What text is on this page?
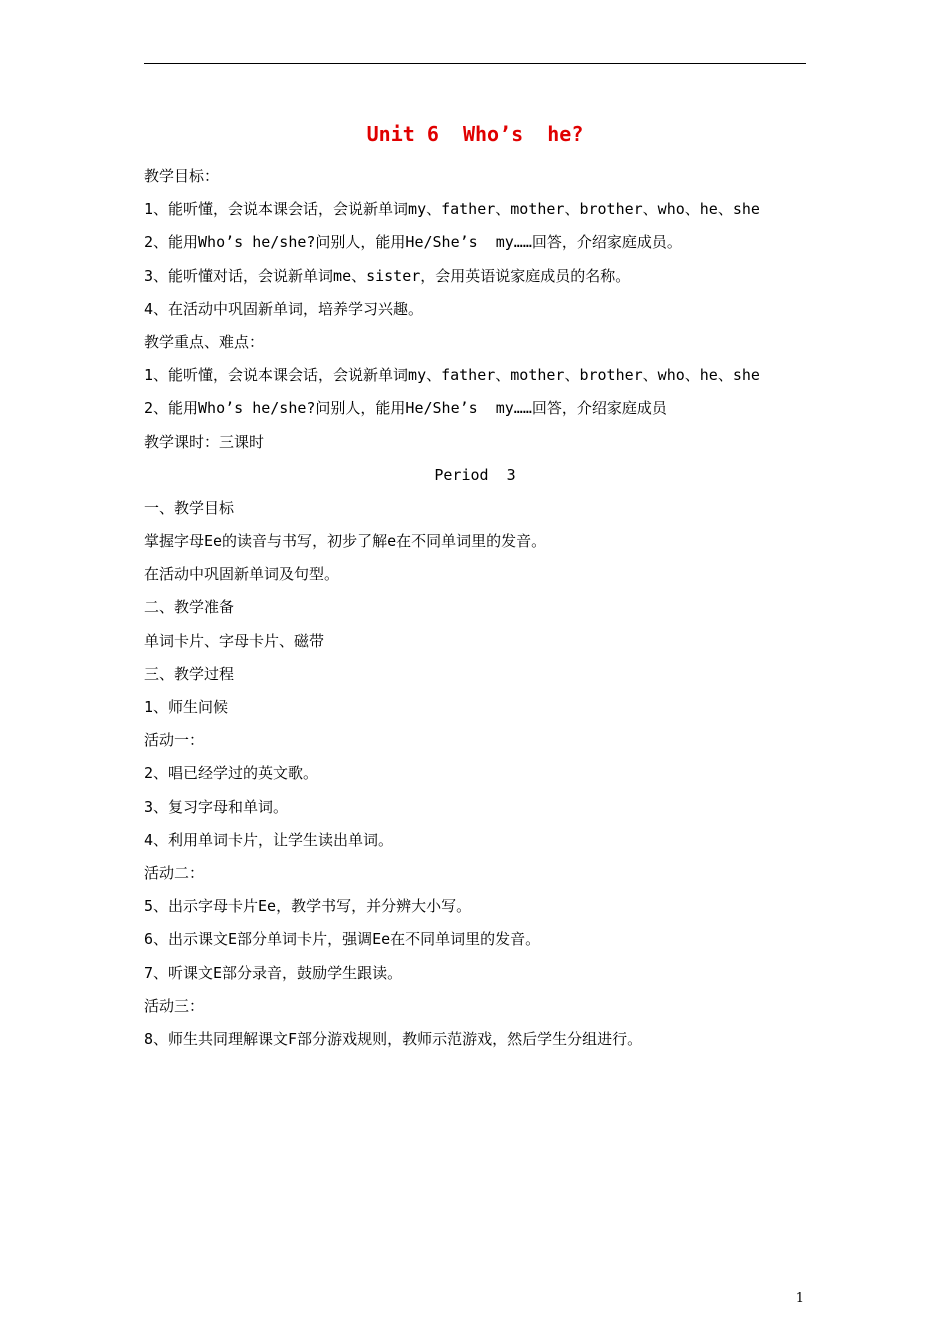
Unit 6  Who’s  he?
教学目标：
1、能听懂，会说本课会话，会说新单词my、father、mother、brother、who、he、she
2、能用Who’s he/she?问别人，能用He/She’s  my……回答，介绍家庭成员。
3、能听懂对话，会说新单词me、sister，会用英语说家庭成员的名称。
4、在活动中巩固新单词，培养学习兴趣。
教学重点、难点：
1、能听懂，会说本课会话，会说新单词my、father、mother、brother、who、he、she
2、能用Who’s he/she?问别人，能用He/She’s  my……回答，介绍家庭成员
教学课时：三课时
Period  3
一、教学目标
掌握字母Ee的读音与书写，初步了解e在不同单词里的发音。
在活动中巩固新单词及句型。
二、教学准备
单词卡片、字母卡片、磁带
三、教学过程
1、师生问候
活动一：
2、唱已经学过的英文歌。
3、复习字母和单词。
4、利用单词卡片，让学生读出单词。
活动二：
5、出示字母卡片Ee，教学书写，并分辨大小写。
6、出示课文E部分单词卡片，强调Ee在不同单词里的发音。
7、听课文E部分录音，鼓励学生跟读。
活动三：
8、师生共同理解课文F部分游戏规则，教师示范游戏，然后学生分组进行。
1
